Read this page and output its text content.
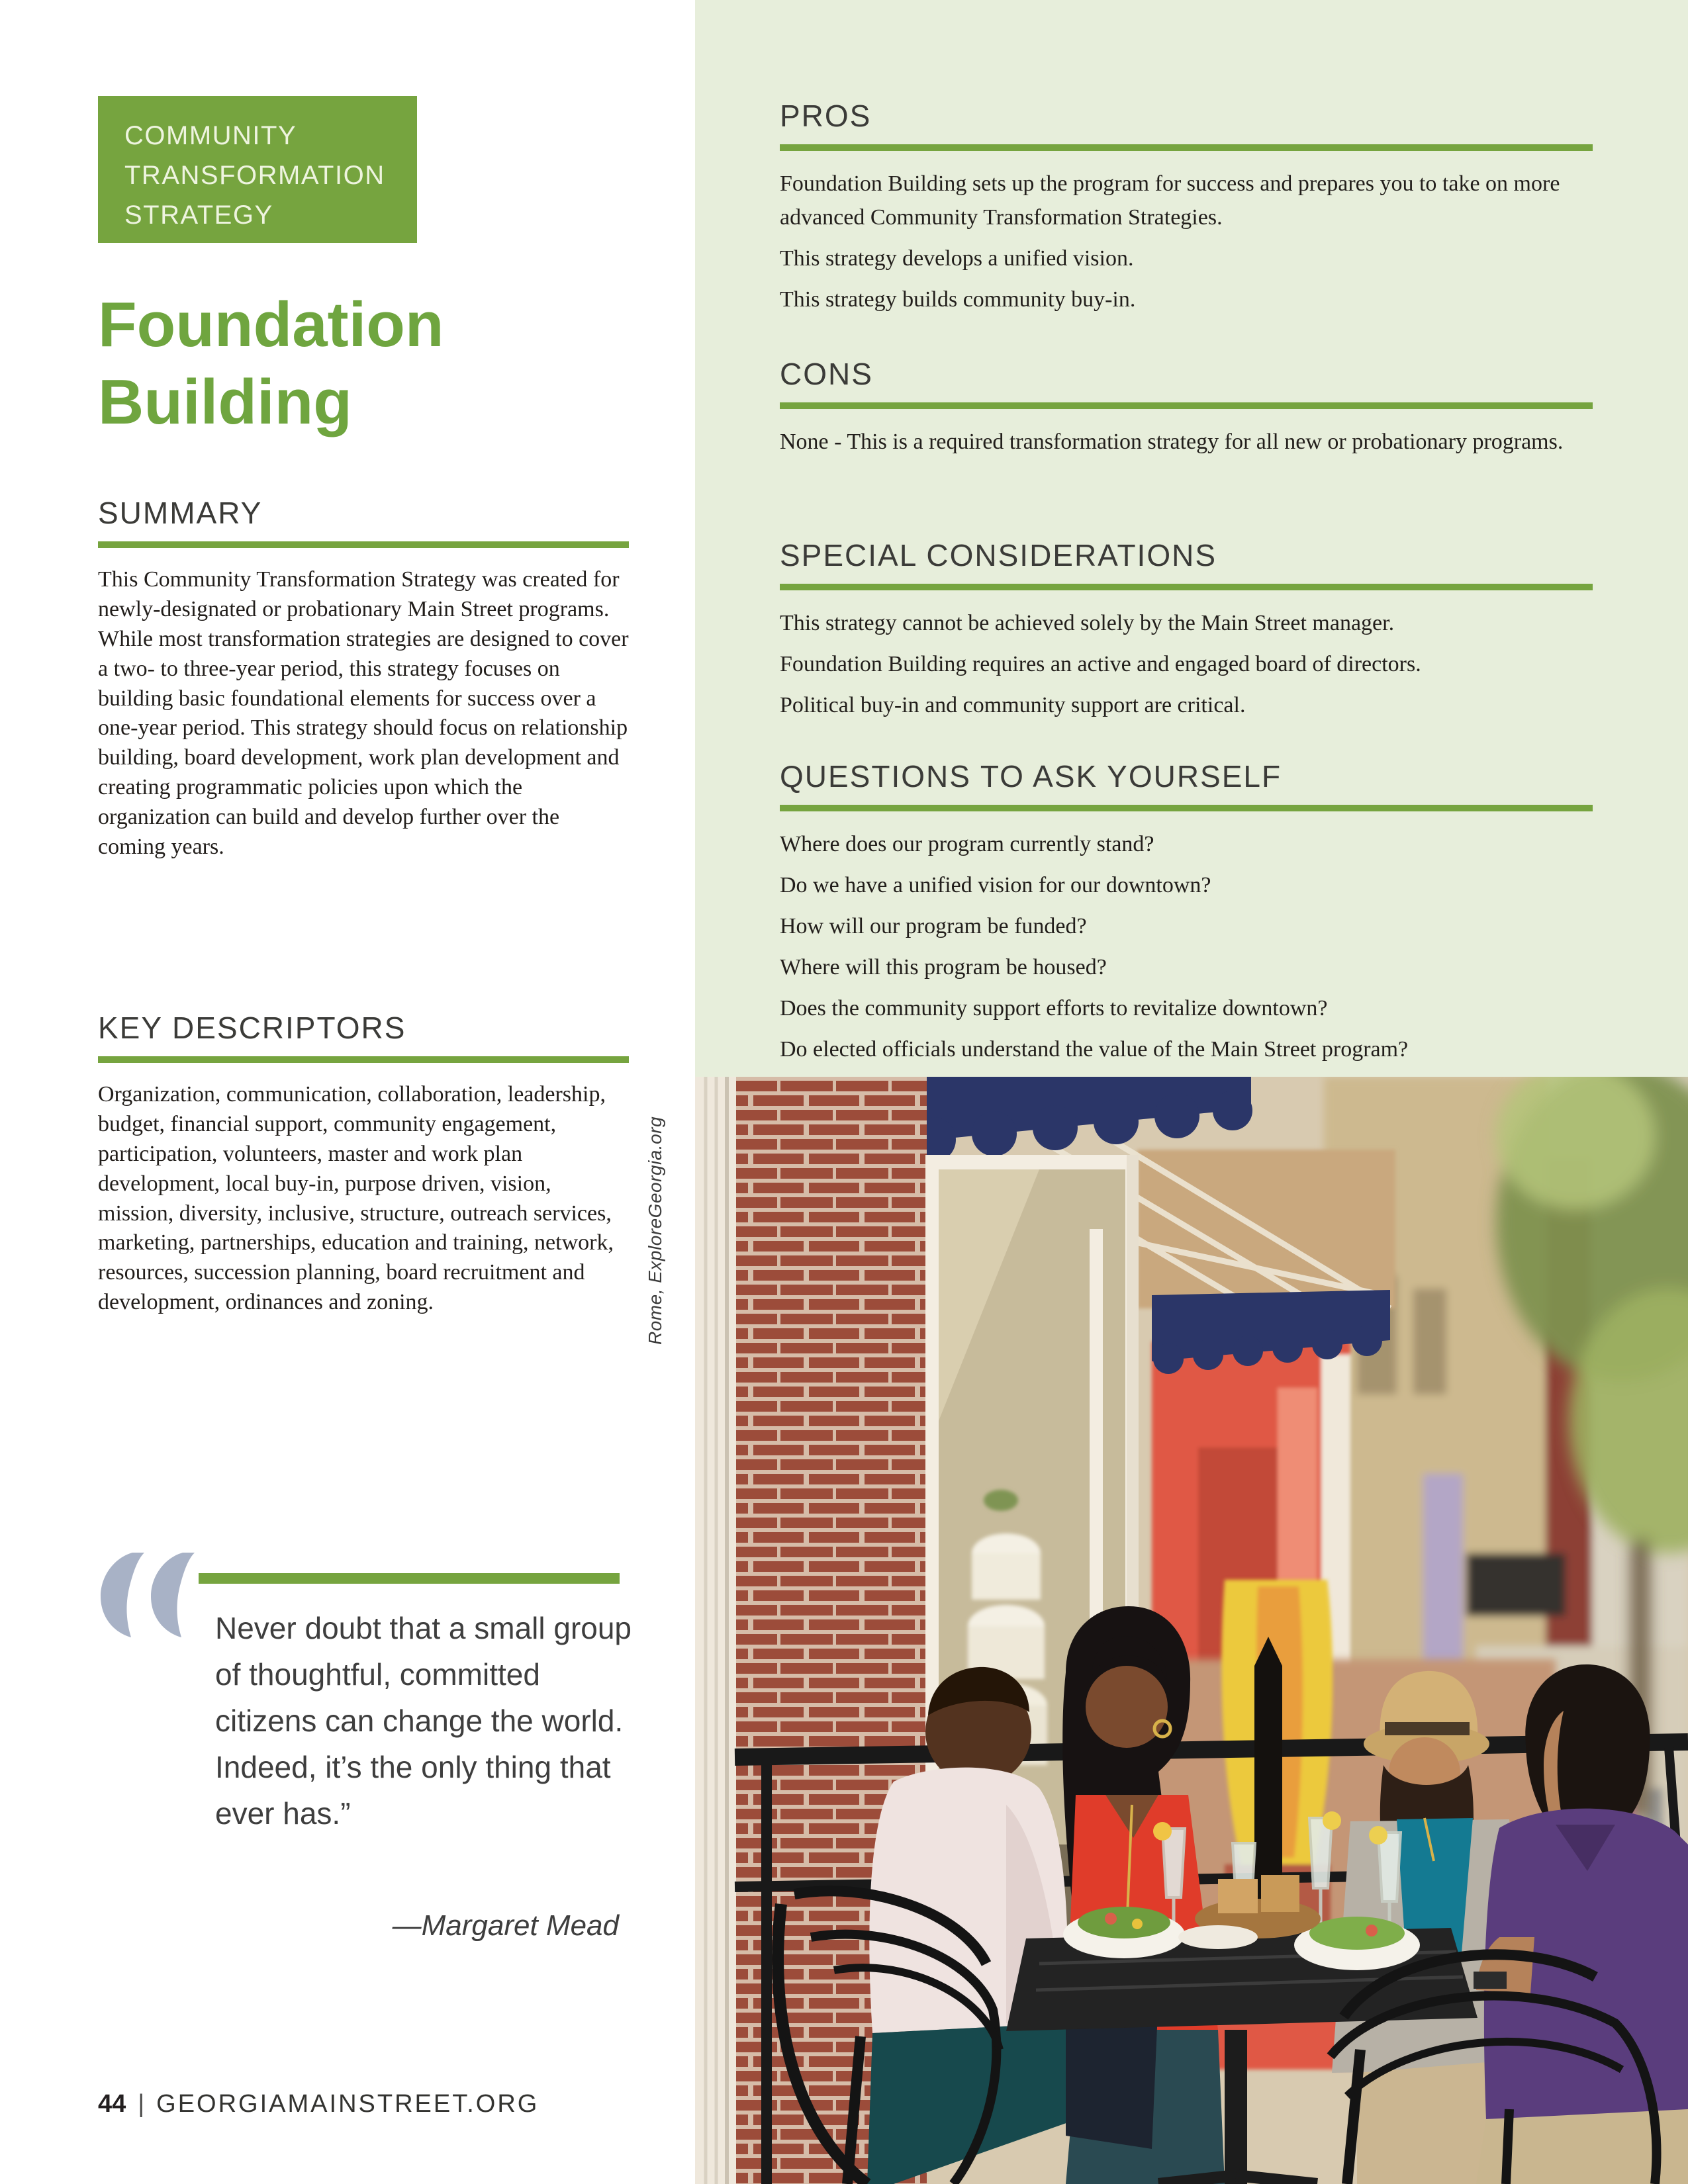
COMMUNITY TRANSFORMATION STRATEGY
Foundation Building
SUMMARY

This Community Transformation Strategy was created for newly-designated or probationary Main Street programs. While most transformation strategies are designed to cover a two- to three-year period, this strategy focuses on building basic foundational elements for success over a one-year period. This strategy should focus on relationship building, board development, work plan development and creating programmatic policies upon which the organization can build and develop further over the coming years.

KEY DESCRIPTORS

Organization, communication, collaboration, leadership, budget, financial support, community engagement, participation, volunteers, master and work plan development, local buy-in, purpose driven, vision, mission, diversity, inclusive, structure, outreach services, marketing, partnerships, education and training, network, resources, succession planning, board recruitment and development, ordinances and zoning.

Never doubt that a small group of thoughtful, committed citizens can change the world. Indeed, it’s the only thing that ever has.”
—Margaret Mead
PROS

Foundation Building sets up the program for success and prepares you to take on more advanced Community Transformation Strategies.

This strategy develops a unified vision.

This strategy builds community buy-in.

CONS

None - This is a required transformation strategy for all new or probationary programs.

SPECIAL CONSIDERATIONS

This strategy cannot be achieved solely by the Main Street manager.

Foundation Building requires an active and engaged board of directors.

Political buy-in and community support are critical.

QUESTIONS TO ASK YOURSELF

Where does our program currently stand?

Do we have a unified vision for our downtown?

How will our program be funded?

Where will this program be housed?

Does the community support efforts to revitalize downtown?

Do elected officials understand the value of the Main Street program?

Rome, ExploreGeorgia.org
44 | GEORGIAMAINSTREET.ORG
